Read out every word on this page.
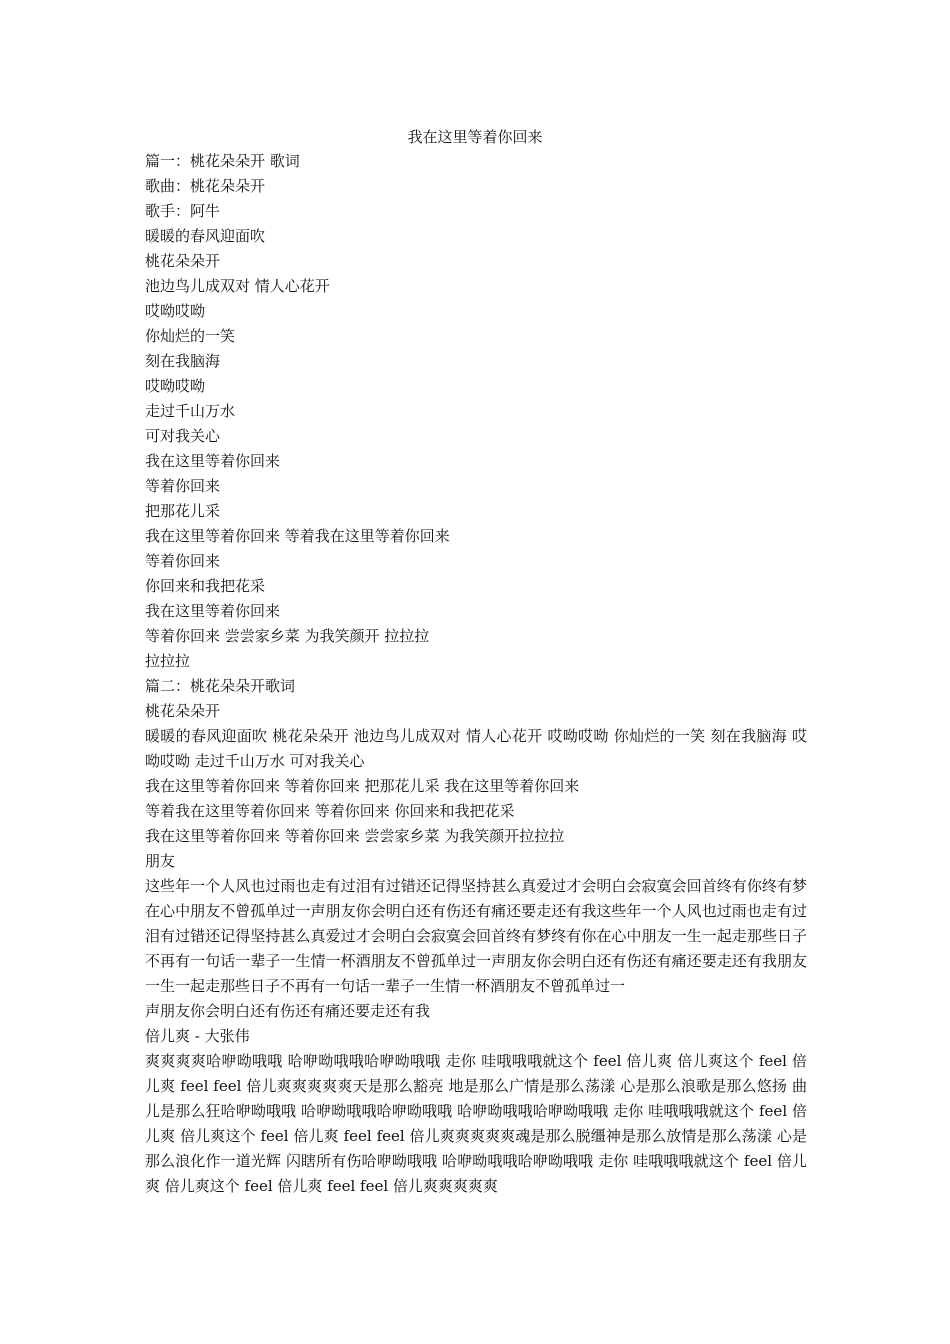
我在这里等着你回来
篇一：桃花朵朵开 歌词
歌曲：桃花朵朵开
歌手：阿牛
暖暖的春风迎面吹
桃花朵朵开
池边鸟儿成双对 情人心花开
哎呦哎呦
你灿烂的一笑
刻在我脑海
哎呦哎呦
走过千山万水
可对我关心
我在这里等着你回来
等着你回来
把那花儿采
我在这里等着你回来 等着我在这里等着你回来
等着你回来
你回来和我把花采
我在这里等着你回来
等着你回来 尝尝家乡菜 为我笑颜开 拉拉拉
拉拉拉
篇二：桃花朵朵开歌词
桃花朵朵开
暖暖的春风迎面吹 桃花朵朵开 池边鸟儿成双对 情人心花开 哎呦哎呦 你灿烂的一笑 刻在我脑海 哎呦哎呦 走过千山万水 可对我关心
我在这里等着你回来 等着你回来 把那花儿采 我在这里等着你回来
等着我在这里等着你回来 等着你回来 你回来和我把花采
我在这里等着你回来 等着你回来 尝尝家乡菜 为我笑颜开拉拉拉
朋友
这些年一个人风也过雨也走有过泪有过错还记得坚持甚么真爱过才会明白会寂寞会回首终有你终有梦在心中朋友不曾孤单过一声朋友你会明白还有伤还有痛还要走还有我这些年一个人风也过雨也走有过泪有过错还记得坚持甚么真爱过才会明白会寂寞会回首终有梦终有你在心中朋友一生一起走那些日子不再有一句话一辈子一生情一杯酒朋友不曾孤单过一声朋友你会明白还有伤还有痛还要走还有我朋友一生一起走那些日子不再有一句话一辈子一生情一杯酒朋友不曾孤单过一
声朋友你会明白还有伤还有痛还要走还有我
倍儿爽 - 大张伟
爽爽爽爽哈咿呦哦哦 哈咿呦哦哦哈咿呦哦哦 走你 哇哦哦哦就这个 feel 倍儿爽 倍儿爽这个 feel 倍儿爽 feel feel 倍儿爽爽爽爽爽天是那么豁亮 地是那么广情是那么荡漾 心是那么浪歌是那么悠扬 曲儿是那么狂哈咿呦哦哦 哈咿呦哦哦哈咿呦哦哦 哈咿呦哦哦哈咿呦哦哦 走你 哇哦哦哦就这个 feel 倍儿爽 倍儿爽这个 feel 倍儿爽 feel feel 倍儿爽爽爽爽爽魂是那么脱缰神是那么放情是那么荡漾 心是那么浪化作一道光辉 闪瞎所有伤哈咿呦哦哦 哈咿呦哦哦哈咿呦哦哦 走你 哇哦哦哦就这个 feel 倍儿爽 倍儿爽这个 feel 倍儿爽 feel feel 倍儿爽爽爽爽爽
